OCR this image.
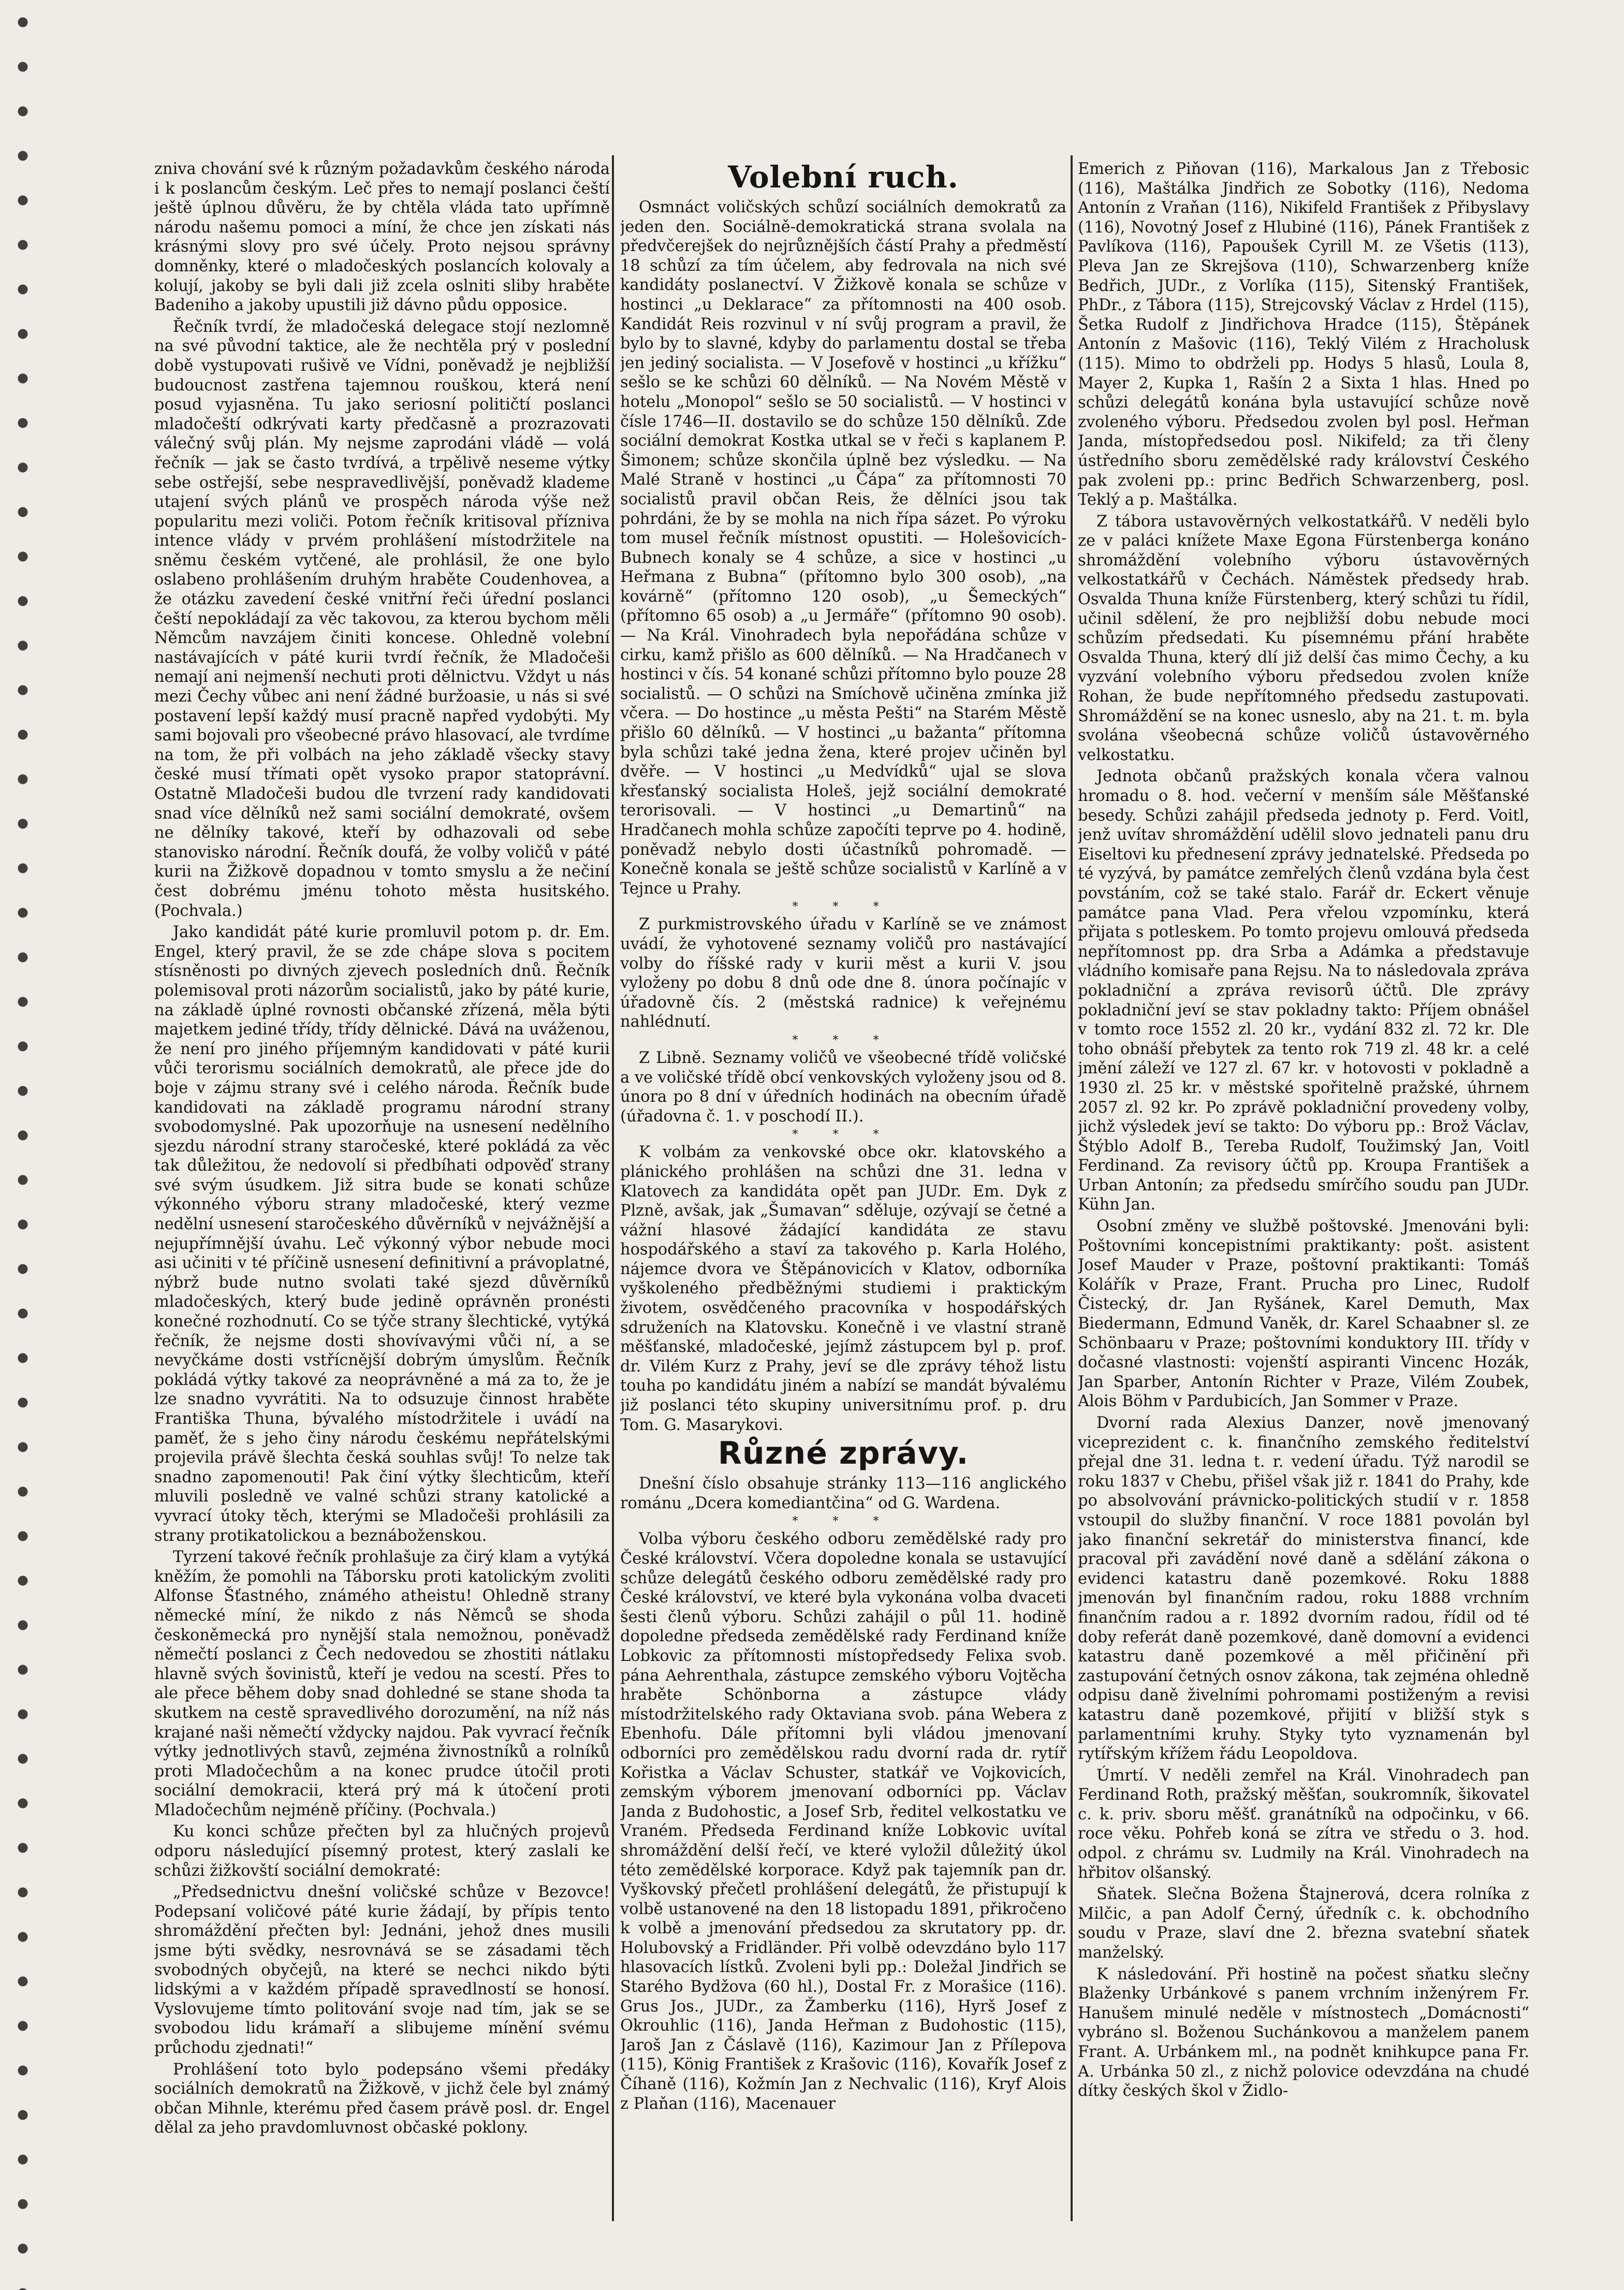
zniva chování své k různým požadavkům českého národa i k poslancům českým. Leč přes to nemají poslanci čeští ještě úplnou důvěru, že by chtěla vláda tato upřímně národu našemu pomoci a míní, že chce jen získati nás krásnými slovy pro své účely. Proto nejsou správny domněnky, které o mladočeských poslancích kolovaly a kolují, jakoby se byli dali již zcela oslniti sliby hraběte Badeniho a jakoby upustili již dávno půdu opposice.

Řečník tvrdí, že mladočeská delegace stojí nezlomně na své původní taktice, ale že nechtěla prý v poslední době vystupovati rušivě ve Vídni, poněvadž je nejbližší budoucnost zastřena tajemnou rouškou, která není posud vyjasněna. Tu jako seriosní političtí poslanci mladočeští odkrývati karty předčasně a prozrazovati válečný svůj plán. My nejsme zaprodáni vládě — volá řečník — jak se často tvrdívá, a trpělivě neseme výtky sebe ostřejší, sebe nespravedlivější, poněvadž klademe utajení svých plánů ve prospěch národa výše než popularitu mezi voliči. Potom řečník kritisoval přízniva intence vlády v prvém prohlášení místodržitele na sněmu českém vytčené, ale prohlásil, že one bylo oslabeno prohlášením druhým hraběte Coudenhovea, a že otázku zavedení české vnitřní řeči úřední poslanci čeští nepokládají za věc takovou, za kterou bychom měli Němcům navzájem činiti koncese. Ohledně volební nastávajících v páté kurii tvrdí řečník, že Mladočeši nemají ani nejmenší nechuti proti dělnictvu. Vždyt u nás mezi Čechy vůbec ani není žádné buržoasie, u nás si své postavení lepší každý musí pracně napřed vydobýti. My sami bojovali pro všeobecné právo hlasovací, ale tvrdíme na tom, že při volbách na jeho základě všecky stavy české musí třímati opět vysoko prapor statoprávní. Ostatně Mladočeši budou dle tvrzení rady kandidovati snad více dělníků než sami sociální demokraté, ovšem ne dělníky takové, kteří by odhazovali od sebe stanovisko národní. Řečník doufá, že volby voličů v páté kurii na Žižkově dopadnou v tomto smyslu a že nečiní čest dobrému jménu tohoto města husitského. (Pochvala.)

Jako kandidát páté kurie promluvil potom p. dr. Em. Engel, který pravil, že se zde chápe slova s pocitem stísněnosti po divných zjevech posledních dnů. Řečník polemisoval proti názorům socialistů, jako by páté kurie, na základě úplné rovnosti občanské zřízená, měla býti majetkem jediné třídy, třídy dělnické. Dává na uváženou, že není pro jiného příjemným kandidovati v páté kurii vůči terorismu sociálních demokratů, ale přece jde do boje v zájmu strany své i celého národa. Řečník bude kandidovati na základě programu národní strany svobodomyslné. Pak upozorňuje na usnesení nedělního sjezdu národní strany staročeské, které pokládá za věc tak důležitou, že nedovolí si předbíhati odpověď strany své svým úsudkem. Již sitra bude se konati schůze výkonného výboru strany mladočeské, který vezme nedělní usnesení staročeského důvěrníků v nejvážnější a nejupřímnější úvahu. Leč výkonný výbor nebude moci asi učiniti v té příčině usnesení definitivní a právoplatné, nýbrž bude nutno svolati také sjezd důvěrníků mladočeských, který bude jedině oprávněn pronésti konečné rozhodnutí. Co se týče strany šlechtické, vytýká řečník, že nejsme dosti shovívavými vůči ní, a se nevyčkáme dosti vstřícnější dobrým úmyslům. Řečník pokládá výtky takové za neoprávněné a má za to, že je lze snadno vyvrátiti. Na to odsuzuje činnost hraběte Františka Thuna, bývalého místodržitele i uvádí na paměť, že s jeho činy národu českému nepřátelskými projevila právě šlechta česká souhlas svůj! To nelze tak snadno zapomenouti! Pak činí výtky šlechticům, kteří mluvili posledně ve valné schůzi strany katolické a vyvrací útoky těch, kterými se Mladočeši prohlásili za strany protikatolickou a beznáboženskou.

Tyrzení takové řečník prohlašuje za čirý klam a vytýká kněžím, že pomohli na Táborsku proti katolickým zvoliti Alfonse Šťastného, známého atheistu! Ohledně strany německé míní, že nikdo z nás Němců se shoda českoněmecká pro nynější stala nemožnou, poněvadž němečtí poslanci z Čech nedovedou se zhostiti nátlaku hlavně svých šovinistů, kteří je vedou na scestí. Přes to ale přece během doby snad dohledné se stane shoda ta skutkem na cestě spravedlivého dorozumění, na níž nás krajané naši němečtí vždycky najdou. Pak vyvrací řečník výtky jednotlivých stavů, zejména živnostníků a rolníků proti Mladočechům a na konec prudce útočil proti sociální demokracii, která prý má k útočení proti Mladočechům nejméně příčiny. (Pochvala.)

Ku konci schůze přečten byl za hlučných projevů odporu následující písemný protest, který zaslali ke schůzi žižkovští sociální demokraté:

„Předsednictvu dnešní voličské schůze v Bezovce! Podepsaní voličové páté kurie žádají, by přípis tento shromáždění přečten byl: Jednáni, jehož dnes musili jsme býti svědky, nesrovnává se se zásadami těch svobodných obyčejů, na které se nechci nikdo býti lidskými a v každém případě spravedlností se honosí. Vyslovujeme tímto politování svoje nad tím, jak se se svobodou lidu krámaří a slibujeme mínění svému průchodu zjednati!“

Prohlášení toto bylo podepsáno všemi předáky sociálních demokratů na Žižkově, v jichž čele byl známý občan Mihnle, kterému před časem právě posl. dr. Engel dělal za jeho pravdomluvnost občaské poklony.

Volební ruch.

Osmnáct voličských schůzí sociálních demokratů za jeden den. Sociálně-demokratická strana svolala na předvčerejšek do nejrůznějších částí Prahy a předměstí 18 schůzí za tím účelem, aby fedrovala na nich své kandidáty poslanectví. V Žižkově konala se schůze v hostinci „u Deklarace“ za přítomnosti na 400 osob. Kandidát Reis rozvinul v ní svůj program a pravil, že bylo by to slavné, kdyby do parlamentu dostal se třeba jen jediný socialista. — V Josefově v hostinci „u křížku“ sešlo se ke schůzi 60 dělníků. — Na Novém Městě v hotelu „Monopol“ sešlo se 50 socialistů. — V hostinci v čísle 1746—II. dostavilo se do schůze 150 dělníků. Zde sociální demokrat Kostka utkal se v řeči s kaplanem P. Šimonem; schůze skončila úplně bez výsledku. — Na Malé Straně v hostinci „u Čápa“ za přítomnosti 70 socialistů pravil občan Reis, že dělníci jsou tak pohrdáni, že by se mohla na nich řípa sázet. Po výroku tom musel řečník místnost opustiti. — Holešovicích-Bubnech konaly se 4 schůze, a sice v hostinci „u Heřmana z Bubna“ (přítomno bylo 300 osob), „na kovárně“ (přítomno 120 osob), „u Šemeckých“ (přítomno 65 osob) a „u Jermáře“ (přítomno 90 osob). — Na Král. Vinohradech byla nepořádána schůze v cirku, kamž přišlo as 600 dělníků. — Na Hradčanech v hostinci v čís. 54 konané schůzi přítomno bylo pouze 28 socialistů. — O schůzi na Smíchově učiněna zmínka již včera. — Do hostince „u města Pešti“ na Starém Městě přišlo 60 dělníků. — V hostinci „u bažanta“ přítomna byla schůzi také jedna žena, které projev učiněn byl dvěře. — V hostinci „u Medvídků“ ujal se slova křesťanský socialista Holeš, jejž sociální demokraté terorisovali. — V hostinci „u Demartinů“ na Hradčanech mohla schůze započíti teprve po 4. hodině, poněvadž nebylo dosti účastníků pohromadě. — Konečně konala se ještě schůze socialistů v Karlíně a v Tejnce u Prahy.

* * *

Z purkmistrovského úřadu v Karlíně se ve známost uvádí, že vyhotovené seznamy voličů pro nastávající volby do říšské rady v kurii měst a kurii V. jsou vyloženy po dobu 8 dnů ode dne 8. února počínajíc v úřadovně čís. 2 (městská radnice) k veřejnému nahlédnutí.

* * *

Z Libně. Seznamy voličů ve všeobecné třídě voličské a ve voličské třídě obcí venkovských vyloženy jsou od 8. února po 8 dní v úředních hodinách na obecním úřadě (úřadovna č. 1. v poschodí II.).

* * *

K volbám za venkovské obce okr. klatovského a plánického prohlášen na schůzi dne 31. ledna v Klatovech za kandidáta opět pan JUDr. Em. Dyk z Plzně, avšak, jak „Šumavan“ sděluje, ozývají se četné a vážní hlasové žádající kandidáta ze stavu hospodářského a staví za takového p. Karla Holého, nájemce dvora ve Štěpánovicích v Klatov, odborníka vyškoleného předběžnými studiemi i praktickým životem, osvědčeného pracovníka v hospodářských sdruženích na Klatovsku. Konečně i ve vlastní straně měšťanské, mladočeské, jejímž zástupcem byl p. prof. dr. Vilém Kurz z Prahy, jeví se dle zprávy téhož listu touha po kandidátu jiném a nabízí se mandát bývalému již poslanci této skupiny universitnímu prof. p. dru Tom. G. Masarykovi.

Různé zprávy.

Dnešní číslo obsahuje stránky 113—116 anglického románu „Dcera komediantčina“ od G. Wardena.

* * *

Volba výboru českého odboru zemědělské rady pro České království. Včera dopoledne konala se ustavující schůze delegátů českého odboru zemědělské rady pro České království, ve které byla vykonána volba dvaceti šesti členů výboru. Schůzi zahájil o půl 11. hodině dopoledne předseda zemědělské rady Ferdinand kníže Lobkovic za přítomnosti místopředsedy Felixa svob. pána Aehrenthala, zástupce zemského výboru Vojtěcha hraběte Schönborna a zástupce vlády místodržitelského rady Oktaviana svob. pána Webera z Ebenhofu. Dále přítomni byli vládou jmenovaní odborníci pro zemědělskou radu dvorní rada dr. rytíř Kořistka a Václav Schuster, statkář ve Vojkovicích, zemským výborem jmenovaní odborníci pp. Václav Janda z Budohostic, a Josef Srb, ředitel velkostatku ve Vraném. Předseda Ferdinand kníže Lobkovic uvítal shromáždění delší řečí, ve které vyložil důležitý úkol této zemědělské korporace. Když pak tajemník pan dr. Vyškovský přečetl prohlášení delegátů, že přistupují k volbě ustanovené na den 18 listopadu 1891, přikročeno k volbě a jmenování předsedou za skrutatory pp. dr. Holubovský a Fridländer. Při volbě odevzdáno bylo 117 hlasovacích lístků. Zvoleni byli pp.: Doležal Jindřich se Starého Bydžova (60 hl.), Dostal Fr. z Morašice (116). Grus Jos., JUDr., za Žamberku (116), Hyrš Josef z Okrouhlic (116), Janda Heřman z Budohostic (115), Jaroš Jan z Čáslavě (116), Kazimour Jan z Přílepova (115), König František z Krašovic (116), Kovařík Josef z Číhaně (116), Kožmín Jan z Nechvalic (116), Kryf Alois z Plaňan (116), Macenauer

Emerich z Piňovan (116), Markalous Jan z Třebosic (116), Maštálka Jindřich ze Sobotky (116), Nedoma Antonín z Vraňan (116), Nikifeld František z Přibyslavy (116), Novotný Josef z Hlubiné (116), Pánek František z Pavlíkova (116), Papoušek Cyrill M. ze Všetis (113), Pleva Jan ze Skrejšova (110), Schwarzenberg kníže Bedřich, JUDr., z Vorlíka (115), Sitenský František, PhDr., z Tábora (115), Strejcovský Václav z Hrdel (115), Šetka Rudolf z Jindřichova Hradce (115), Štěpánek Antonín z Mašovic (116), Teklý Vilém z Hracholusk (115). Mimo to obdrželi pp. Hodys 5 hlasů, Loula 8, Mayer 2, Kupka 1, Rašín 2 a Sixta 1 hlas. Hned po schůzi delegátů konána byla ustavující schůze nově zvoleného výboru. Předsedou zvolen byl posl. Heřman Janda, místopředsedou posl. Nikifeld; za tři členy ústředního sboru zemědělské rady království Českého pak zvoleni pp.: princ Bedřich Schwarzenberg, posl. Teklý a p. Maštálka.

Z tábora ustavověrných velkostatkářů. V neděli bylo ze v paláci knížete Maxe Egona Fürstenberga konáno shromáždění volebního výboru ústavověrných velkostatkářů v Čechách. Náměstek předsedy hrab. Osvalda Thuna kníže Fürstenberg, který schůzi tu řídil, učinil sdělení, že pro nejbližší dobu nebude moci schůzím předsedati. Ku písemnému přání hraběte Osvalda Thuna, který dlí již delší čas mimo Čechy, a ku vyzvání volebního výboru předsedou zvolen kníže Rohan, že bude nepřítomného předsedu zastupovati. Shromáždění se na konec usneslo, aby na 21. t. m. byla svolána všeobecná schůze voličů ústavověrného velkostatku.

Jednota občanů pražských konala včera valnou hromadu o 8. hod. večerní v menším sále Měšťanské besedy. Schůzi zahájil předseda jednoty p. Ferd. Voitl, jenž uvítav shromáždění udělil slovo jednateli panu dru Eiseltovi ku přednesení zprávy jednatelské. Předseda po té vyzývá, by památce zemřelých členů vzdána byla čest povstáním, což se také stalo. Farář dr. Eckert věnuje památce pana Vlad. Pera vřelou vzpomínku, která přijata s potleskem. Po tomto projevu omlouvá předseda nepřítomnost pp. dra Srba a Adámka a představuje vládního komisaře pana Rejsu. Na to následovala zpráva pokladniční a zpráva revisorů účtů. Dle zprávy pokladniční jeví se stav pokladny takto: Příjem obnášel v tomto roce 1552 zl. 20 kr., vydání 832 zl. 72 kr. Dle toho obnáší přebytek za tento rok 719 zl. 48 kr. a celé jmění záleží ve 127 zl. 67 kr. v hotovosti v pokladně a 1930 zl. 25 kr. v městské spořitelně pražské, úhrnem 2057 zl. 92 kr. Po zprávě pokladniční provedeny volby, jichž výsledek jeví se takto: Do výboru pp.: Brož Václav, Štýblo Adolf B., Tereba Rudolf, Toužimský Jan, Voitl Ferdinand. Za revisory účtů pp. Kroupa František a Urban Antonín; za předsedu smírčího soudu pan JUDr. Kühn Jan.

Osobní změny ve službě poštovské. Jmenováni byli: Poštovními koncepistními praktikanty: pošt. asistent Josef Mauder v Praze, poštovní praktikanti: Tomáš Kolářík v Praze, Frant. Prucha pro Linec, Rudolf Čistecký, dr. Jan Ryšánek, Karel Demuth, Max Biedermann, Edmund Vaněk, dr. Karel Schaabner sl. ze Schönbaaru v Praze; poštovními konduktory III. třídy v dočasné vlastnosti: vojenští aspiranti Vincenc Hozák, Jan Sparber, Antonín Richter v Praze, Vilém Zoubek, Alois Böhm v Pardubicích, Jan Sommer v Praze.

Dvorní rada Alexius Danzer, nově jmenovaný viceprezident c. k. finančního zemského ředitelství přejal dne 31. ledna t. r. vedení úřadu. Týž narodil se roku 1837 v Chebu, přišel však již r. 1841 do Prahy, kde po absolvování právnicko-politických studií v r. 1858 vstoupil do služby finanční. V roce 1881 povolán byl jako finanční sekretář do ministerstva financí, kde pracoval při zavádění nové daně a sdělání zákona o evidenci katastru daně pozemkové. Roku 1888 jmenován byl finančním radou, roku 1888 vrchním finančním radou a r. 1892 dvorním radou, řídil od té doby referát daně pozemkové, daně domovní a evidenci katastru daně pozemkové a měl přičinění při zastupování četných osnov zákona, tak zejména ohledně odpisu daně živelními pohromami postiženým a revisi katastru daně pozemkové, přijití v bližší styk s parlamentními kruhy. Styky tyto vyznamenán byl rytířským křížem řádu Leopoldova.

Úmrtí. V neděli zemřel na Král. Vinohradech pan Ferdinand Roth, pražský měšťan, soukromník, šikovatel c. k. priv. sboru měšť. granátníků na odpočinku, v 66. roce věku. Pohřeb koná se zítra ve středu o 3. hod. odpol. z chrámu sv. Ludmily na Král. Vinohradech na hřbitov olšanský.

Sňatek. Slečna Božena Štajnerová, dcera rolníka z Milčic, a pan Adolf Černý, úředník c. k. obchodního soudu v Praze, slaví dne 2. března svatební sňatek manželský.

K následování. Při hostině na počest sňatku slečny Blaženky Urbánkové s panem vrchním inženýrem Fr. Hanušem minulé neděle v místnostech „Domácnosti“ vybráno sl. Boženou Suchánkovou a manželem panem Frant. A. Urbánkem ml., na podnět knihkupce pana Fr. A. Urbánka 50 zl., z nichž polovice odevzdána na chudé dítky českých škol v Židlo-
